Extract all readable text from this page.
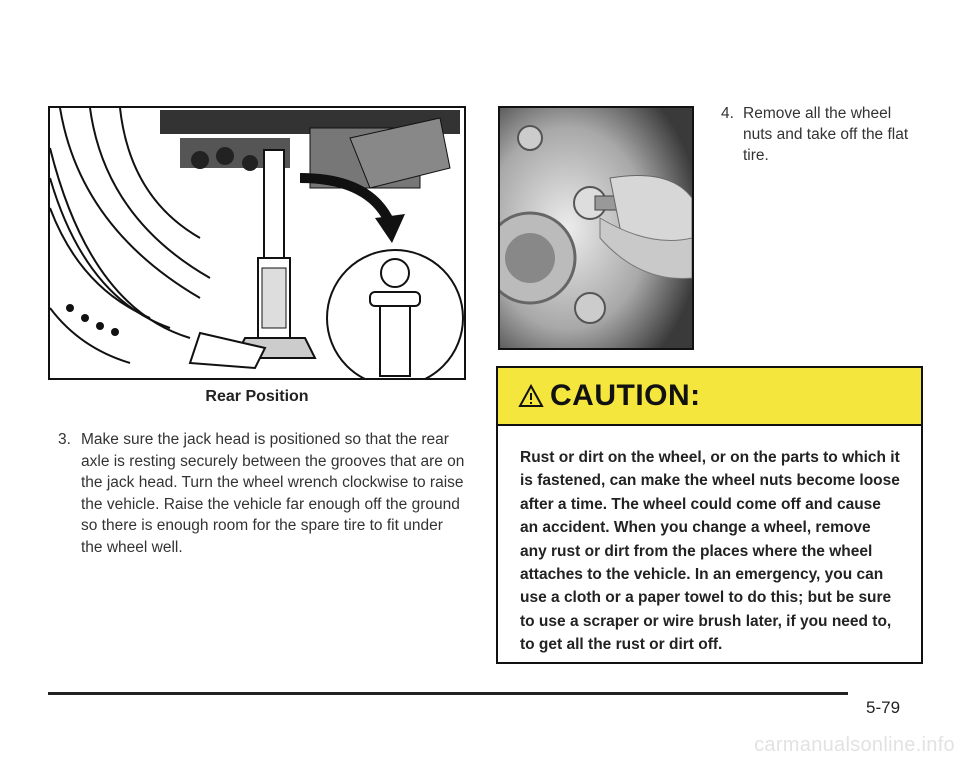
Rear Position
3. Make sure the jack head is positioned so that the rear axle is resting securely between the grooves that are on the jack head. Turn the wheel wrench clockwise to raise the vehicle. Raise the vehicle far enough off the ground so there is enough room for the spare tire to fit under the wheel well.
4. Remove all the wheel nuts and take off the flat tire.
CAUTION:
Rust or dirt on the wheel, or on the parts to which it is fastened, can make the wheel nuts become loose after a time. The wheel could come off and cause an accident. When you change a wheel, remove any rust or dirt from the places where the wheel attaches to the vehicle. In an emergency, you can use a cloth or a paper towel to do this; but be sure to use a scraper or wire brush later, if you need to, to get all the rust or dirt off.
5-79
carmanualsonline.info
